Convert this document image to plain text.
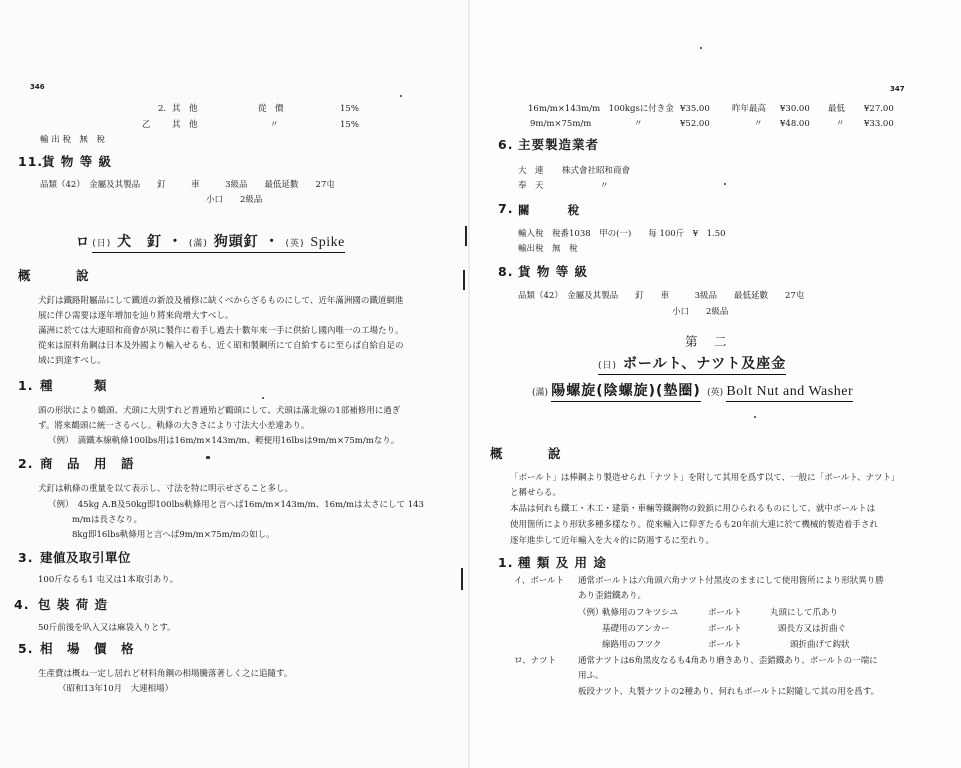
346
2. 其　他	從　價	15%
乙	其　他	〃	15%
輸 出 稅　無　稅
11.
貨 物 等 級
品類（42）　金屬及其製品　　釘　　　車　　　3級品　　最低延數　　27屯
小口　　2級品
ロ (日) 犬　釘 ・ (滿) 狗頭釘 ・ (英) Spike
概　　　說
犬釘は鐵路附屬品にして鐵道の新設及補修に缺くべからざるものにして、近年滿洲國の鐵道網進
展に伴ひ需要は逐年増加を辿り將來尙增大すべし。
滿洲に於ては大連昭和商會が夙に製作に着手し過去十數年來一手に供給し國內唯一の工場たり。
從來は原料角鋼は日本及外國より輸入せるも、近く昭和製鋼所にて自給するに至らば自給自足の
域に到達すべし。
1. 種　　　類
頭の形狀により鶴頭、犬頭に大別すれど普通殆ど鶴頭にして、犬頭は滿北線の1部補修用に過ぎ
ず。將來鶴頭に統一さるべし。軌條の大きさにより寸法大小差違あり。
（例）　満鐵本線軌條100lbs用は16m/m×143m/m、輕便用16lbsは9m/m×75m/mなり。
2. 商　品　用　語
犬釘は軌條の重量を以て表示し、寸法を特に明示せざること多し。
（例）　45kg A.B及50kg即100lbs軌條用と言へば16m/m×143m/m、16m/mは太さにして 143
m/mは長さなり。
8kg即16lbs軌條用と言へば9m/m×75m/mの如し。
3. 建値及取引單位
100斤なるも1 屯又は1本取引あり。
4. 包 裝 荷 造
50斤前後を叺入又は麻袋入りとす。
5. 相　場　價　格
生產費は概ね一定し居れど材料角鋼の相場騰落著しく之に追隨す。
（昭和13年10月　大連相場）
347
16m/m×143m/m　100kgsに付き金 ¥35.00	昨年最高 ¥30.00 最低 ¥27.00
9m/m×75m/m	〃	¥52.00	〃 ¥48.00	〃 ¥33.00
6. 主要製造業者
大　連 株式會社昭和商會
奉　天	〃
7. 關　　稅
輸入稅　稅番1038　甲の(一)　　每 100斤　¥　1.50
輸出稅　無　稅
8. 貨 物 等 級
品類（42）　金屬及其製品　　釘　　車　　　3級品　　最低延數　　27屯
小口　　2級品
第　二
(日) ボールト、ナツト及座金
(滿) 陽螺旋(陰螺旋)(墊圈) (英) Bolt Nut and Washer
概　　　說
「ボールト」は棒鋼より製造せられ「ナツト」を附して其用を爲す以て、一般に「ボールト、ナツト」
と稱せらる。
本品は何れも鐵工・木工・建築・車輛等鐵鋼物の鉸鋲に用ひられるものにして、就中ボールトは
使用箇所により形狀多種多樣なり。從來輸入に仰ぎたるも20年前大連に於て機械的製造着手され
逐年進歩して近年輸入を大々的に防遏するに至れり。
1. 種 類 及 用 途
イ、ボールト 通常ボールトは六角頭六角ナツト付黑皮のままにして使用箇所により形狀異り勝
あり歪錯鐵あり。
（例）
軌條用のフキツシユ	ボールト	丸頭にして爪あり
基礎用のアンカー	ボールト	頭長方又は折曲ぐ
線路用のフツク	ボールト	頭折曲げて鈎狀
ロ、ナツト	通常ナツトは6角黑皮なるも4角あり磨きあり、歪錯鐵あり、ボールトの一端に
用ふ。
板段ナツト、丸製ナツトの2種あり、何れもボールトに附隨して其の用を爲す。
